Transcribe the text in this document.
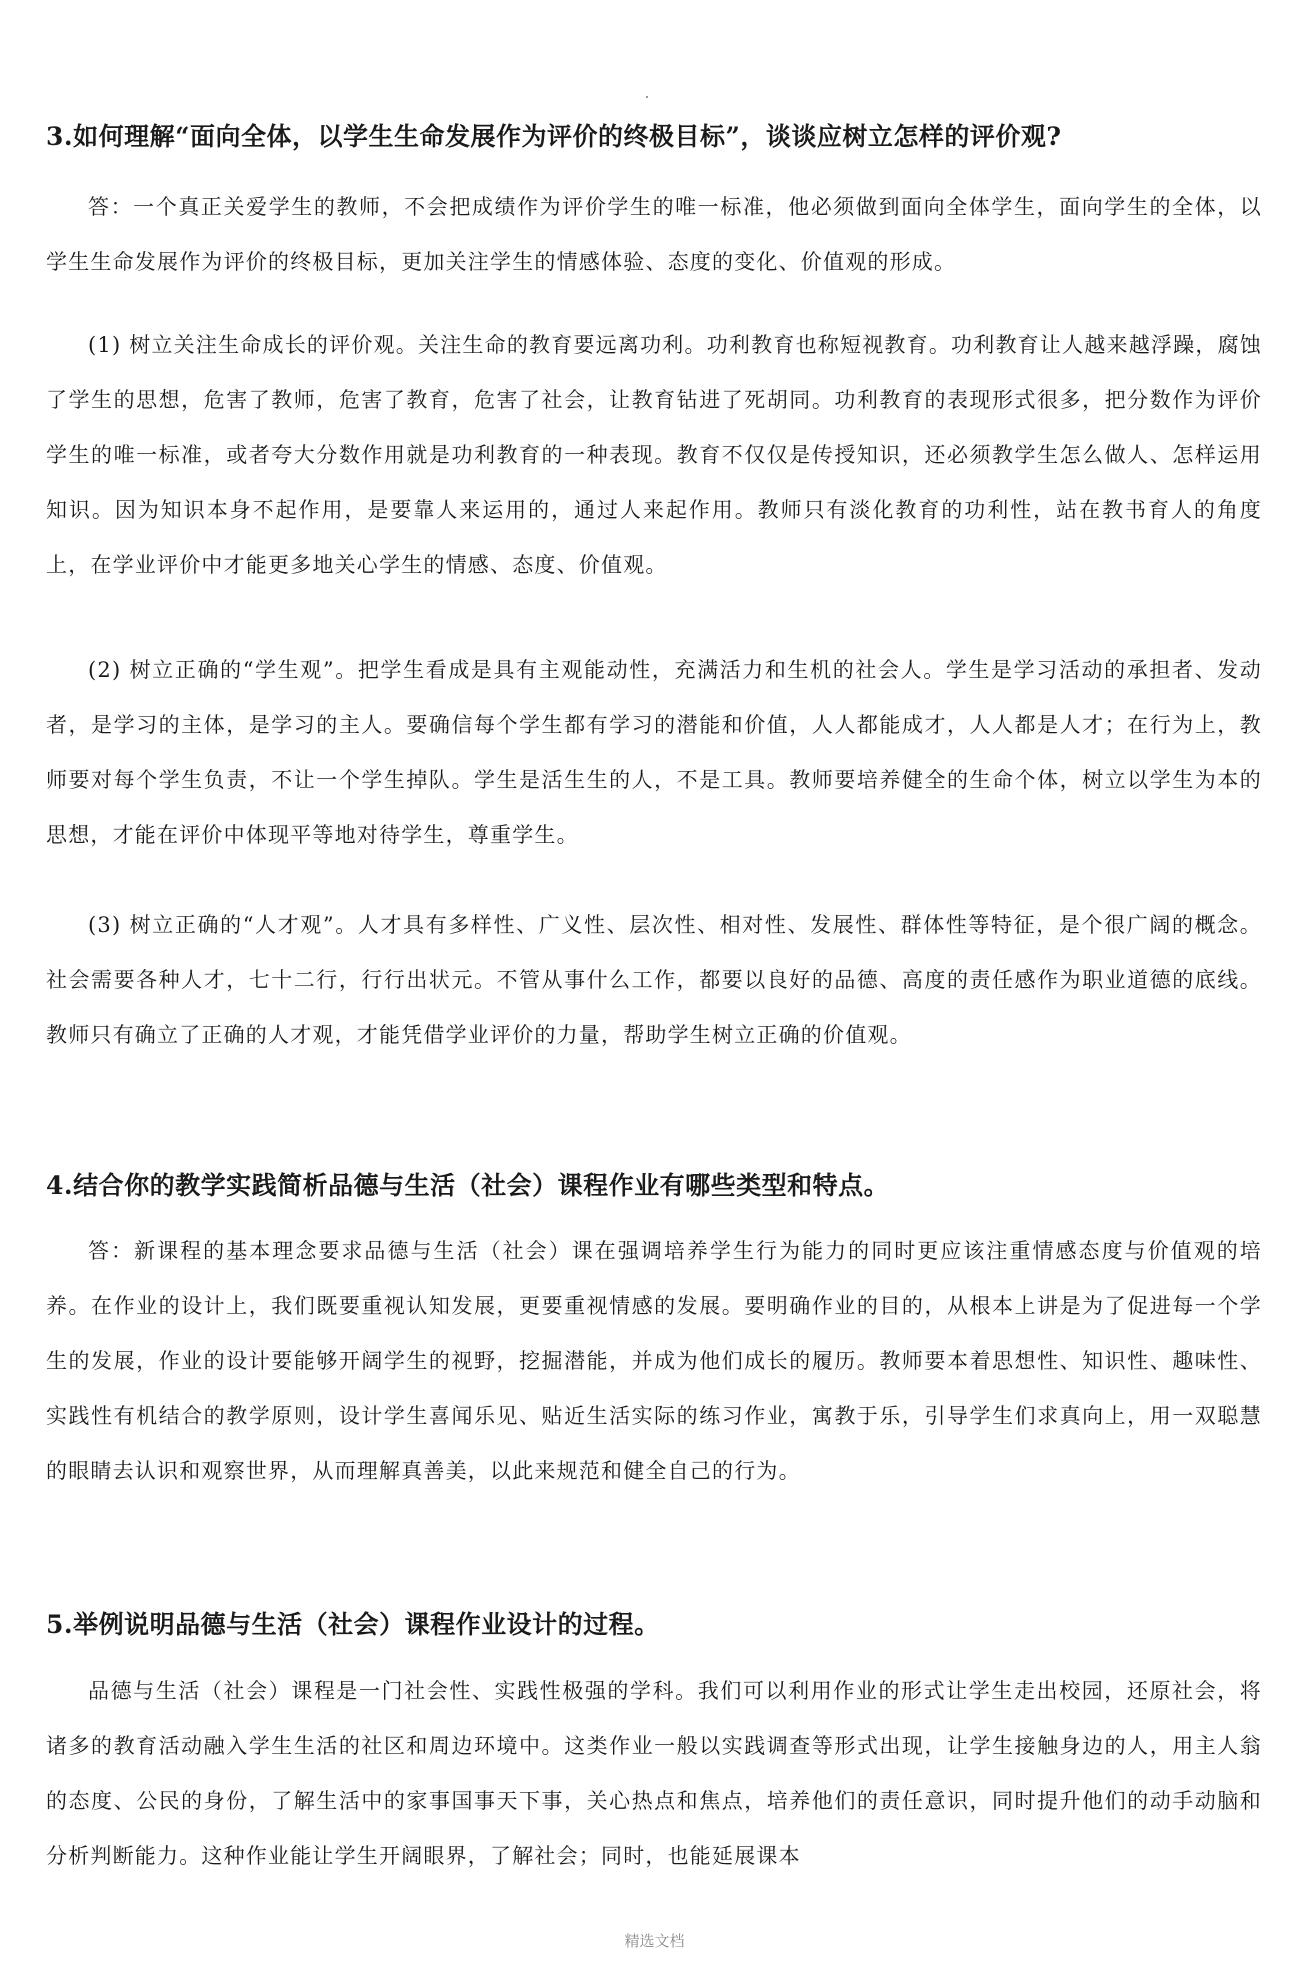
3.如何理解“面向全体，以学生生命发展作为评价的终极目标”，谈谈应树立怎样的评价观?

答：一个真正关爱学生的教师，不会把成绩作为评价学生的唯一标准，他必须做到面向全体学生，面向学生的全体，以学生生命发展作为评价的终极目标，更加关注学生的情感体验、态度的变化、价值观的形成。

(1) 树立关注生命成长的评价观。关注生命的教育要远离功利。功利教育也称短视教育。功利教育让人越来越浮躁，腐蚀了学生的思想，危害了教师，危害了教育，危害了社会，让教育钻进了死胡同。功利教育的表现形式很多，把分数作为评价学生的唯一标准，或者夸大分数作用就是功利教育的一种表现。教育不仅仅是传授知识，还必须教学生怎么做人、怎样运用知识。因为知识本身不起作用，是要靠人来运用的，通过人来起作用。教师只有淡化教育的功利性，站在教书育人的角度上，在学业评价中才能更多地关心学生的情感、态度、价值观。

(2) 树立正确的“学生观”。把学生看成是具有主观能动性，充满活力和生机的社会人。学生是学习活动的承担者、发动者，是学习的主体，是学习的主人。要确信每个学生都有学习的潜能和价值，人人都能成才，人人都是人才；在行为上，教师要对每个学生负责，不让一个学生掉队。学生是活生生的人，不是工具。教师要培养健全的生命个体，树立以学生为本的思想，才能在评价中体现平等地对待学生，尊重学生。

(3) 树立正确的“人才观”。人才具有多样性、广义性、层次性、相对性、发展性、群体性等特征，是个很广阔的概念。社会需要各种人才，七十二行，行行出状元。不管从事什么工作，都要以良好的品德、高度的责任感作为职业道德的底线。教师只有确立了正确的人才观，才能凭借学业评价的力量，帮助学生树立正确的价值观。

4.结合你的教学实践简析品德与生活（社会）课程作业有哪些类型和特点。

答：新课程的基本理念要求品德与生活（社会）课在强调培养学生行为能力的同时更应该注重情感态度与价值观的培养。在作业的设计上，我们既要重视认知发展，更要重视情感的发展。要明确作业的目的，从根本上讲是为了促进每一个学生的发展，作业的设计要能够开阔学生的视野，挖掘潜能，并成为他们成长的履历。教师要本着思想性、知识性、趣味性、实践性有机结合的教学原则，设计学生喜闻乐见、贴近生活实际的练习作业，寓教于乐，引导学生们求真向上，用一双聪慧的眼睛去认识和观察世界，从而理解真善美，以此来规范和健全自己的行为。

5.举例说明品德与生活（社会）课程作业设计的过程。

品德与生活（社会）课程是一门社会性、实践性极强的学科。我们可以利用作业的形式让学生走出校园，还原社会，将诸多的教育活动融入学生生活的社区和周边环境中。这类作业一般以实践调查等形式出现，让学生接触身边的人，用主人翁的态度、公民的身份，了解生活中的家事国事天下事，关心热点和焦点，培养他们的责任意识，同时提升他们的动手动脑和分析判断能力。这种作业能让学生开阔眼界，了解社会；同时，也能延展课本

精选文档
